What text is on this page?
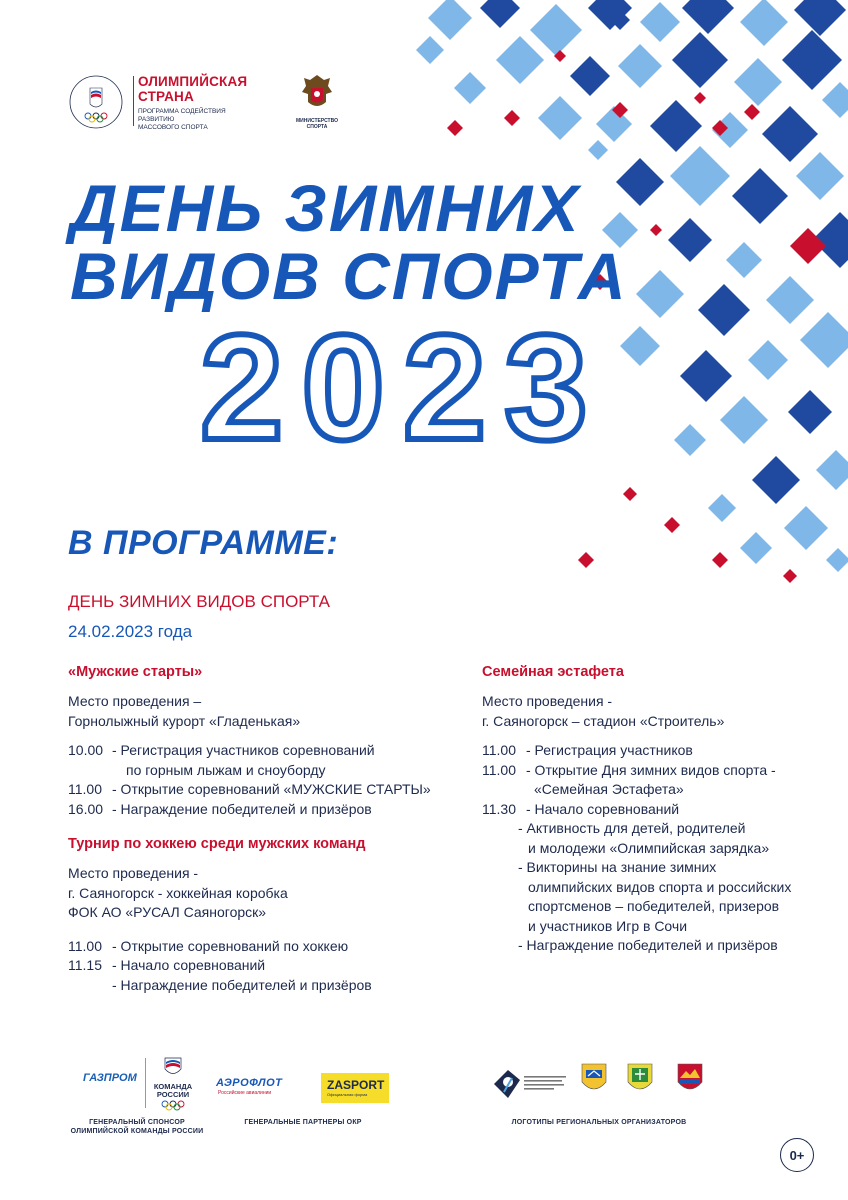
ОЛИМПИЙСКАЯ
СТРАНА
ПРОГРАММА СОДЕЙСТВИЯ РАЗВИТИЮ
МАССОВОГО СПОРТА
МИНИСТЕРСТВО
СПОРТА
ДЕНЬ ЗИМНИХ
ВИДОВ СПОРТА
2023
В ПРОГРАММЕ:
ДЕНЬ ЗИМНИХ ВИДОВ СПОРТА
24.02.2023 года
«Мужские старты»
Место проведения –
Горнолыжный курорт «Гладенькая»
10.00 - Регистрация участников соревнований
по горным лыжам и сноуборду
11.00 - Открытие соревнований «МУЖСКИЕ СТАРТЫ»
16.00 - Награждение победителей и призёров
Турнир по хоккею среди мужских команд
Место проведения -
г. Саяногорск - хоккейная коробка
ФОК АО «РУСАЛ Саяногорск»
11.00 - Открытие соревнований по хоккею
11.15 - Начало соревнований
- Награждение победителей и призёров
Семейная эстафета
Место проведения -
г. Саяногорск – стадион «Строитель»
11.00 - Регистрация участников
11.00 - Открытие Дня зимних видов спорта -
«Семейная Эстафета»
11.30 - Начало соревнований
- Активность для детей, родителей
и молодежи «Олимпийская зарядка»
- Викторины на знание зимних
олимпийских видов спорта и российских
спортсменов – победителей, призеров
и участников Игр в Сочи
- Награждение победителей и призёров
ГАЗПРОМ
КОМАНДА
РОССИИ
АЭРОФЛОТ
Российские авиалинии
ZASPORT
Официальная форма
ГЕНЕРАЛЬНЫЙ СПОНСОР
ОЛИМПИЙСКОЙ КОМАНДЫ РОССИИ
ГЕНЕРАЛЬНЫЕ ПАРТНЕРЫ ОКР	ЛОГОТИПЫ РЕГИОНАЛЬНЫХ ОРГАНИЗАТОРОВ
0+
